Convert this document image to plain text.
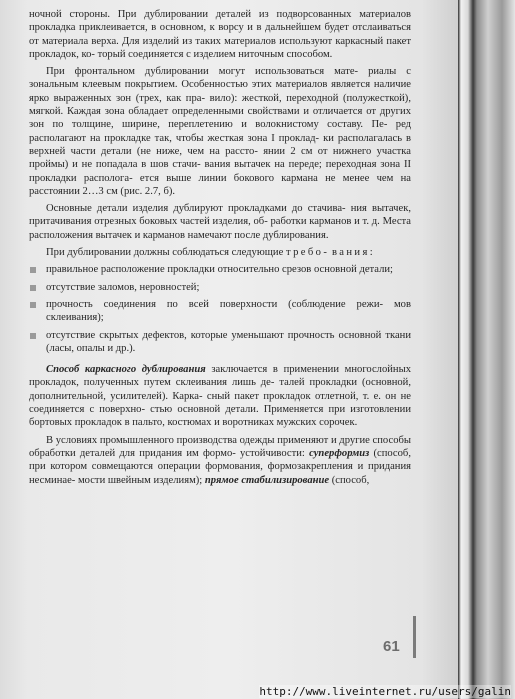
ночной стороны. При дублировании деталей из подворсованных материалов прокладка приклеивается, в основном, к ворсу и в дальнейшем будет отслаиваться от материала верха. Для изделий из таких материалов используют каркасный пакет прокладок, ко- торый соединяется с изделием ниточным способом.

При фронтальном дублировании могут использоваться мате- риалы с зональным клеевым покрытием. Особенностью этих материалов является наличие ярко выраженных зон (трех, как пра- вило): жесткой, переходной (полужесткой), мягкой. Каждая зона обладает определенными свойствами и отличается от других зон по толщине, ширине, переплетению и волокнистому составу. Пе- ред располагают на прокладке так, чтобы жесткая зона I проклад- ки располагалась в верхней части детали (не ниже, чем на рассто- янии 2 см от нижнего участка проймы) и не попадала в шов стачи- вания вытачек на переде; переходная зона II прокладки распологa- ется выше линии бокового кармана не менее чем на расстоянии 2…3 см (рис. 2.7, б).

Основные детали изделия дублируют прокладками до стачива- ния вытачек, притачивания отрезных боковых частей изделия, об- работки карманов и т. д. Места расположения вытачек и карманов намечают после дублирования.

При дублировании должны соблюдаться следующие требо- вания:

правильное расположение прокладки относительно срезов основной детали;
отсутствие заломов, неровностей;
прочность соединения по всей поверхности (соблюдение режи- мов склеивания);
отсутствие скрытых дефектов, которые уменьшают прочность основной ткани (ласы, опалы и др.).

Способ каркасного дублирования заключается в применении многослойных прокладок, полученных путем склеивания лишь де- талей прокладки (основной, дополнительной, усилителей). Карка- сный пакет прокладок отлетной, т. е. он не соединяется с поверхно- стью основной детали. Применяется при изготовлении бортовых прокладок в пальто, костюмах и воротниках мужских сорочек.

В условиях промышленного производства одежды применяют и другие способы обработки деталей для придания им формо- устойчивости: суперформиз (способ, при котором совмещаются операции формования, формозакрепления и придания несминае- мости швейным изделиям); прямое стабилизирование (способ,

61
http://www.liveinternet.ru/users/galin
